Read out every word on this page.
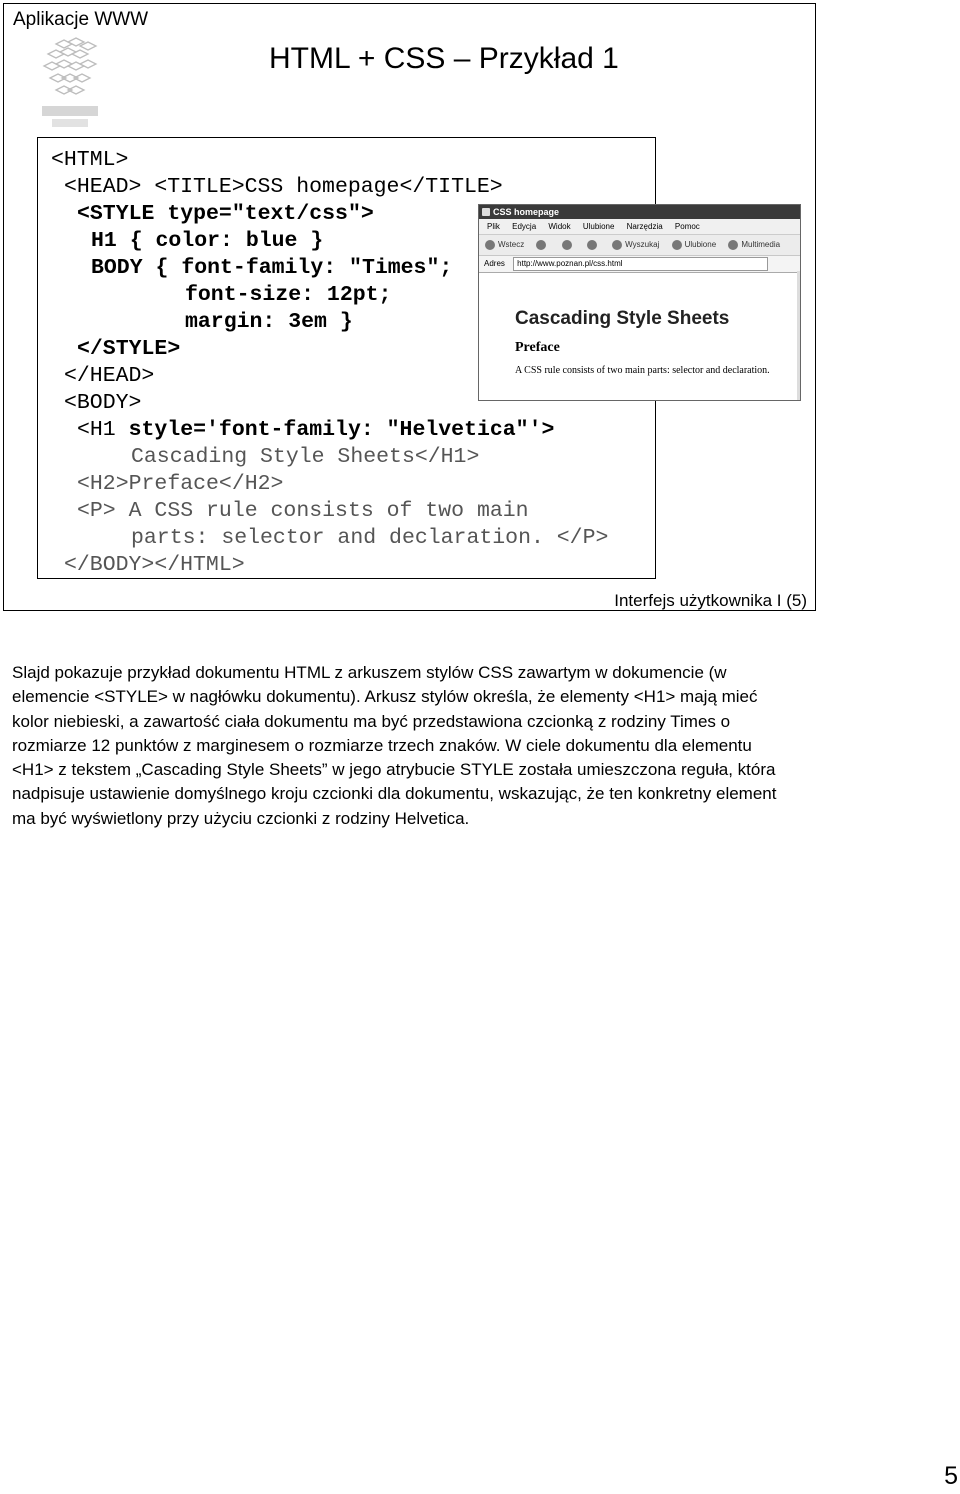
Aplikacje WWW
HTML + CSS – Przykład 1
<HTML>
<HEAD> <TITLE>CSS homepage</TITLE>
<STYLE type="text/css">
H1 { color: blue }
BODY { font-family: "Times";
font-size: 12pt;
margin: 3em }
</STYLE>
</HEAD>
<BODY>
<H1 style='font-family: "Helvetica"'>
Cascading Style Sheets</H1>
<H2>Preface</H2>
<P> A CSS rule consists of two main
parts: selector and declaration. </P>
</BODY></HTML>
CSS homepage
Plik Edycja Widok Ulubione Narzędzia Pomoc
Wstecz	Wyszukaj	Ulubione	Multimedia
Adres http://www.poznan.pl/css.html
Cascading Style Sheets
Preface
A CSS rule consists of two main parts: selector and declaration.
Interfejs użytkownika I (5)
Slajd pokazuje przykład dokumentu HTML z arkuszem stylów CSS zawartym w dokumencie (w elemencie <STYLE> w nagłówku dokumentu). Arkusz stylów określa, że elementy <H1> mają mieć kolor niebieski, a zawartość ciała dokumentu ma być przedstawiona czcionką z rodziny Times o rozmiarze 12 punktów z marginesem o rozmiarze trzech znaków. W ciele dokumentu dla elementu <H1> z tekstem „Cascading Style Sheets” w jego atrybucie STYLE została umieszczona reguła, która nadpisuje ustawienie domyślnego kroju czcionki dla dokumentu, wskazując, że ten konkretny element ma być wyświetlony przy użyciu czcionki z rodziny Helvetica.
5
